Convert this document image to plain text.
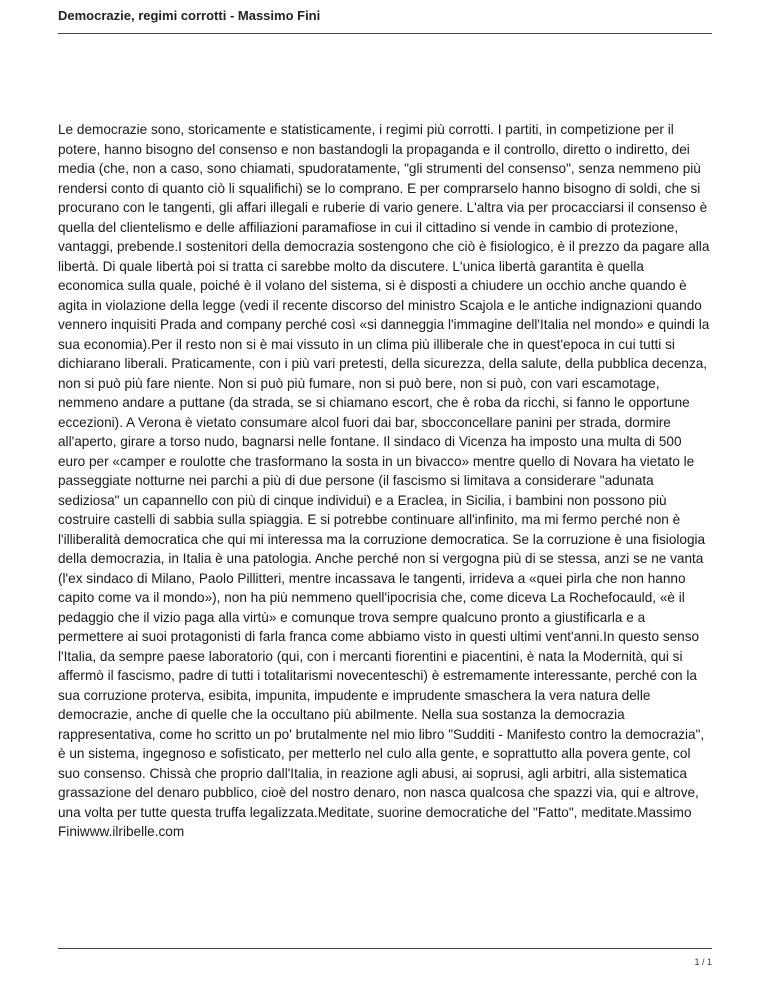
Democrazie, regimi corrotti - Massimo Fini

Le democrazie sono, storicamente e statisticamente, i regimi più corrotti. I partiti, in competizione per il potere, hanno bisogno del consenso e non bastandogli la propaganda e il controllo, diretto o indiretto, dei media (che, non a caso, sono chiamati, spudoratamente, "gli strumenti del consenso", senza nemmeno più rendersi conto di quanto ciò li squalifichi) se lo comprano. E per comprarselo hanno bisogno di soldi, che si procurano con le tangenti, gli affari illegali e ruberie di vario genere. L'altra via per procacciarsi il consenso è quella del clientelismo e delle affiliazioni paramafiose in cui il cittadino si vende in cambio di protezione, vantaggi, prebende.I sostenitori della democrazia sostengono che ciò è fisiologico, è il prezzo da pagare alla libertà. Di quale libertà poi si tratta ci sarebbe molto da discutere. L'unica libertà garantita è quella economica sulla quale, poiché è il volano del sistema, si è disposti a chiudere un occhio anche quando è agita in violazione della legge (vedi il recente discorso del ministro Scajola e le antiche indignazioni quando vennero inquisiti Prada and company perché così «si danneggia l'immagine dell'Italia nel mondo» e quindi la sua economia).Per il resto non si è mai vissuto in un clima più illiberale che in quest'epoca in cui tutti si dichiarano liberali. Praticamente, con i più vari pretesti, della sicurezza, della salute, della pubblica decenza, non si può più fare niente. Non si può più fumare, non si può bere, non si può, con vari escamotage, nemmeno andare a puttane (da strada, se si chiamano escort, che è roba da ricchi, si fanno le opportune eccezioni). A Verona è vietato consumare alcol fuori dai bar, sbocconcellare panini per strada, dormire all'aperto, girare a torso nudo, bagnarsi nelle fontane. Il sindaco di Vicenza ha imposto una multa di 500 euro per «camper e roulotte che trasformano la sosta in un bivacco» mentre quello di Novara ha vietato le passeggiate notturne nei parchi a più di due persone (il fascismo si limitava a considerare "adunata sediziosa" un capannello con più di cinque individui) e a Eraclea, in Sicilia, i bambini non possono più costruire castelli di sabbia sulla spiaggia. E si potrebbe continuare all'infinito, ma mi fermo perché non è l'illiberalità democratica che qui mi interessa ma la corruzione democratica. Se la corruzione è una fisiologia della democrazia, in Italia è una patologia. Anche perché non si vergogna più di se stessa, anzi se ne vanta (l'ex sindaco di Milano, Paolo Pillitteri, mentre incassava le tangenti, irrideva a «quei pirla che non hanno capito come va il mondo»), non ha più nemmeno quell'ipocrisia che, come diceva La Rochefocauld, «è il pedaggio che il vizio paga alla virtù» e comunque trova sempre qualcuno pronto a giustificarla e a permettere ai suoi protagonisti di farla franca come abbiamo visto in questi ultimi vent'anni.In questo senso l'Italia, da sempre paese laboratorio (qui, con i mercanti fiorentini e piacentini, è nata la Modernità, qui si affermò il fascismo, padre di tutti i totalitarismi novecenteschi) è estremamente interessante, perché con la sua corruzione proterva, esibita, impunita, impudente e imprudente smaschera la vera natura delle democrazie, anche di quelle che la occultano più abilmente. Nella sua sostanza la democrazia rappresentativa, come ho scritto un po' brutalmente nel mio libro "Sudditi - Manifesto contro la democrazia", è un sistema, ingegnoso e sofisticato, per metterlo nel culo alla gente, e soprattutto alla povera gente, col suo consenso. Chissà che proprio dall'Italia, in reazione agli abusi, ai soprusi, agli arbitri, alla sistematica grassazione del denaro pubblico, cioè del nostro denaro, non nasca qualcosa che spazzi via, qui e altrove, una volta per tutte questa truffa legalizzata.Meditate, suorine democratiche del "Fatto", meditate.Massimo Finiwww.ilribelle.com

1 / 1
